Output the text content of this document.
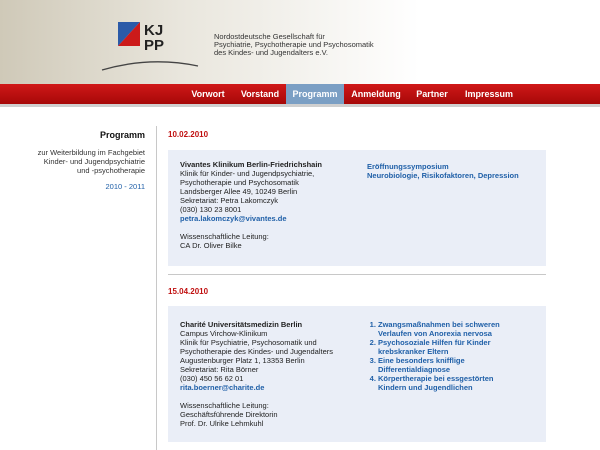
KJ
PP
Nordostdeutsche Gesellschaft für
Psychiatrie, Psychotherapie und Psychosomatik
des Kindes- und Jugendalters e.V.
Vorwort	Vorstand	Programm	Anmeldung	Partner	Impressum
Programm
zur Weiterbildung im Fachgebiet
Kinder- und Jugendpsychiatrie
und -psychotherapie
2010 - 2011
10.02.2010
Vivantes Klinikum Berlin-Friedrichshain
Klinik für Kinder- und Jugendpsychiatrie,
Psychotherapie und Psychosomatik
Landsberger Allee 49, 10249 Berlin
Sekretariat: Petra Lakomczyk
(030) 130 23 8001
petra.lakomczyk@vivantes.de
Wissenschaftliche Leitung:
CA Dr. Oliver Bilke
Eröffnungssymposium
Neurobiologie, Risikofaktoren, Depression
15.04.2010
Charité Universitätsmedizin Berlin
Campus Virchow-Klinikum
Klinik für Psychiatrie, Psychosomatik und
Psychotherapie des Kindes- und Jugendalters
Augustenburger Platz 1, 13353 Berlin
Sekretariat: Rita Börner
(030) 450 56 62 01
rita.boerner@charite.de
Wissenschaftliche Leitung:
Geschäftsführende Direktorin
Prof. Dr. Ulrike Lehmkuhl
1. Zwangsmaßnahmen bei schweren
Verlaufen von Anorexia nervosa
2. Psychosoziale Hilfen für Kinder
krebskranker Eltern
3. Eine besonders knifflige
Differentialdiagnose
4. Körpertherapie bei essgestörten
Kindern und Jugendlichen
